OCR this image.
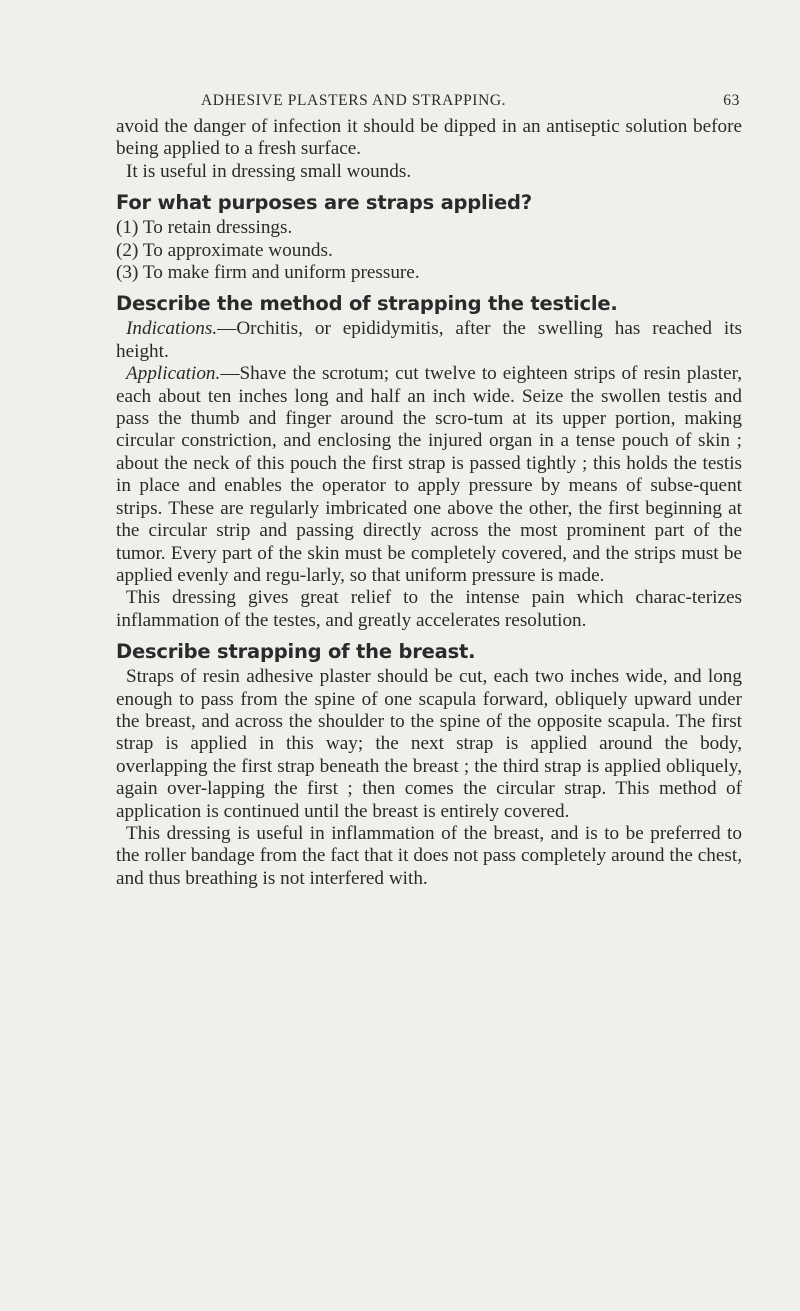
ADHESIVE PLASTERS AND STRAPPING.	63

avoid the danger of infection it should be dipped in an antiseptic solution before being applied to a fresh surface.

It is useful in dressing small wounds.

For what purposes are straps applied?

(1) To retain dressings.

(2) To approximate wounds.

(3) To make firm and uniform pressure.

Describe the method of strapping the testicle.

Indications.—Orchitis, or epididymitis, after the swelling has reached its height.

Application.—Shave the scrotum; cut twelve to eighteen strips of resin plaster, each about ten inches long and half an inch wide. Seize the swollen testis and pass the thumb and finger around the scro-tum at its upper portion, making circular constriction, and enclosing the injured organ in a tense pouch of skin ; about the neck of this pouch the first strap is passed tightly ; this holds the testis in place and enables the operator to apply pressure by means of subse-quent strips. These are regularly imbricated one above the other, the first beginning at the circular strip and passing directly across the most prominent part of the tumor. Every part of the skin must be completely covered, and the strips must be applied evenly and regu-larly, so that uniform pressure is made.

This dressing gives great relief to the intense pain which charac-terizes inflammation of the testes, and greatly accelerates resolution.

Describe strapping of the breast.

Straps of resin adhesive plaster should be cut, each two inches wide, and long enough to pass from the spine of one scapula forward, obliquely upward under the breast, and across the shoulder to the spine of the opposite scapula. The first strap is applied in this way; the next strap is applied around the body, overlapping the first strap beneath the breast ; the third strap is applied obliquely, again over-lapping the first ; then comes the circular strap. This method of application is continued until the breast is entirely covered.

This dressing is useful in inflammation of the breast, and is to be preferred to the roller bandage from the fact that it does not pass completely around the chest, and thus breathing is not interfered with.
